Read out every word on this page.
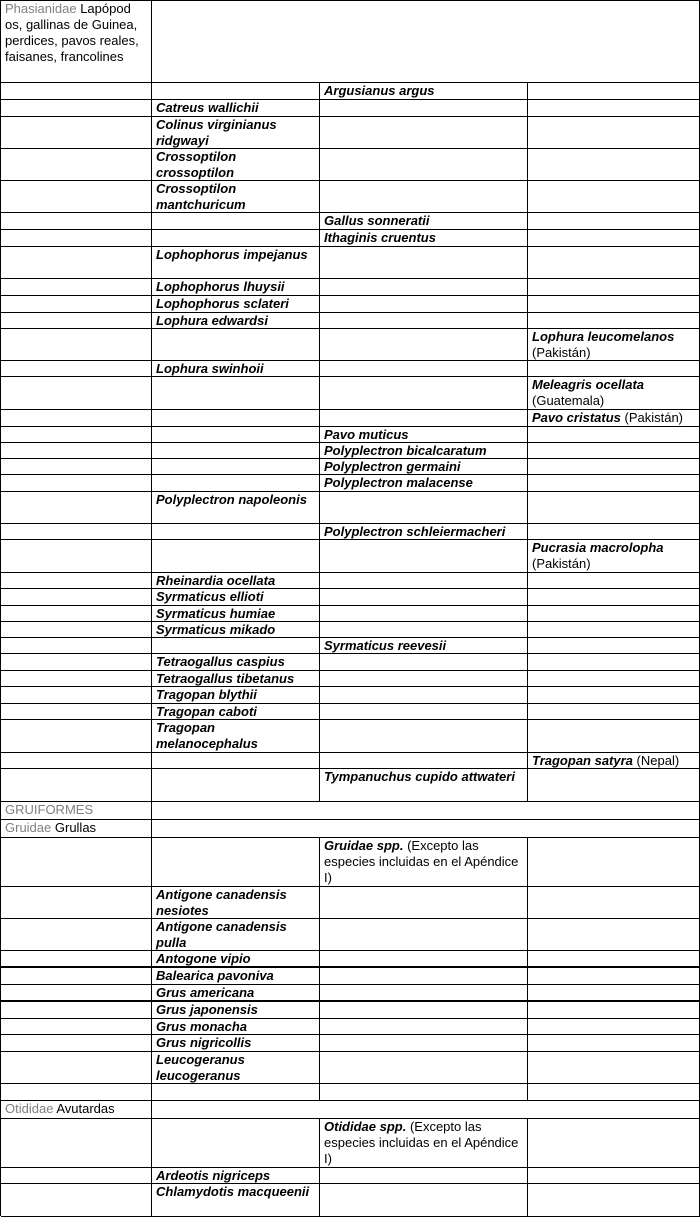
Phasianidae Lapópod os, gallinas de Guinea, perdices, pavos reales, faisanes, francolines
Argusianus argus
Catreus wallichii
Colinus virginianus ridgwayi
Crossoptilon crossoptilon
Crossoptilon mantchuricum
Gallus sonneratii
Ithaginis cruentus
Lophophorus impejanus
Lophophorus lhuysii
Lophophorus sclateri
Lophura edwardsi
Lophura leucomelanos (Pakistán)
Lophura swinhoii
Meleagris ocellata (Guatemala)
Pavo cristatus (Pakistán)
Pavo muticus
Polyplectron bicalcaratum
Polyplectron germaini
Polyplectron malacense
Polyplectron napoleonis
Polyplectron schleiermacheri
Pucrasia macrolopha (Pakistán)
Rheinardia ocellata
Syrmaticus ellioti
Syrmaticus humiae
Syrmaticus mikado
Syrmaticus reevesii
Tetraogallus caspius
Tetraogallus tibetanus
Tragopan blythii
Tragopan caboti
Tragopan melanocephalus
Tragopan satyra (Nepal)
Tympanuchus cupido attwateri
GRUIFORMES
Gruidae Grullas
Gruidae spp. (Excepto las especies incluidas en el Apéndice I)
Antigone canadensis nesiotes
Antigone canadensis pulla
Antogone vipio
Balearica pavoniva
Grus americana
Grus japonensis
Grus monacha
Grus nigricollis
Leucogeranus leucogeranus
Otididae Avutardas
Otididae spp. (Excepto las especies incluidas en el Apéndice I)
Ardeotis nigriceps
Chlamydotis macqueenii
